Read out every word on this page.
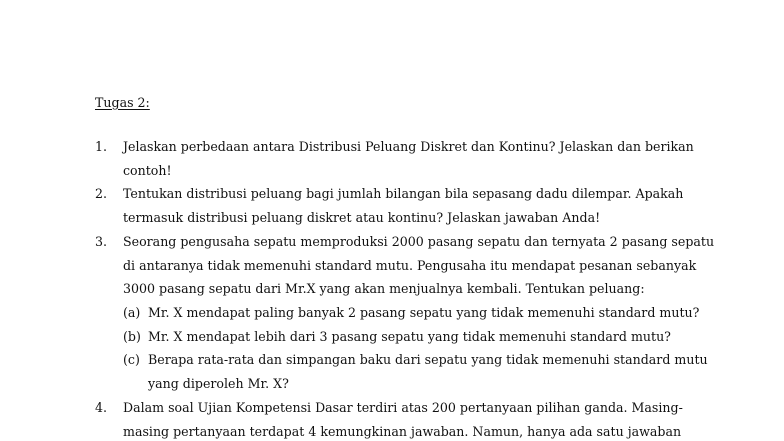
Tugas 2:
1. Jelaskan perbedaan antara Distribusi Peluang Diskret dan Kontinu? Jelaskan dan berikan
contoh!
2. Tentukan distribusi peluang bagi jumlah bilangan bila sepasang dadu dilempar. Apakah
termasuk distribusi peluang diskret atau kontinu? Jelaskan jawaban Anda!
3. Seorang pengusaha sepatu memproduksi 2000 pasang sepatu dan ternyata 2 pasang sepatu
di antaranya tidak memenuhi standard mutu. Pengusaha itu mendapat pesanan sebanyak
3000 pasang sepatu dari Mr.X yang akan menjualnya kembali. Tentukan peluang:
(a) Mr. X mendapat paling banyak 2 pasang sepatu yang tidak memenuhi standard mutu?
(b) Mr. X mendapat lebih dari 3 pasang sepatu yang tidak memenuhi standard mutu?
(c) Berapa rata-rata dan simpangan baku dari sepatu yang tidak memenuhi standard mutu
yang diperoleh Mr. X?
4. Dalam soal Ujian Kompetensi Dasar terdiri atas 200 pertanyaan pilihan ganda. Masing-
masing pertanyaan terdapat 4 kemungkinan jawaban. Namun, hanya ada satu jawaban
